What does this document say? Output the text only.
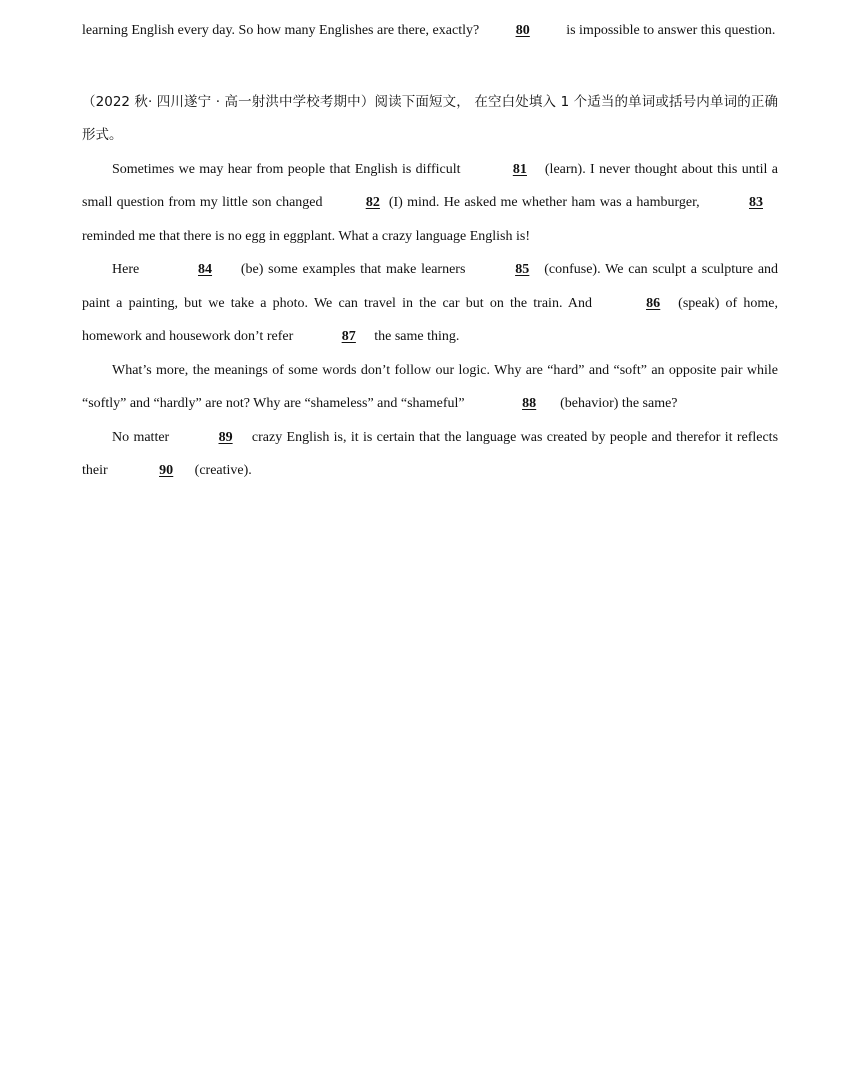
learning English every day. So how many Englishes are there, exactly?	80	is impossible to answer this question.

（2022 秋· 四川遂宁 · 高一射洪中学校考期中）阅读下面短文， 在空白处填入 1 个适当的单词或括号内单词的正确形式。

Sometimes we may hear from people that English is difficult	81 (learn). I never thought about this until a small question from my little son changed	82 (I) mind. He asked me whether ham was a hamburger,	83 reminded me that there is no egg in eggplant. What a crazy language English is!

Here	84 (be) some examples that make learners	85 (confuse). We can sculpt a sculpture and paint a painting, but we take a photo. We can travel in the car but on the train. And	86 (speak) of home, homework and housework don’t refer	87 the same thing.

What’s more, the meanings of some words don’t follow our logic. Why are “hard” and “soft” an opposite pair while “softly” and “hardly” are not? Why are “shameless” and “shameful”	88 (behavior) the same?

No matter	89 crazy English is, it is certain that the language was created by people and therefor it reflects their	90 (creative).
